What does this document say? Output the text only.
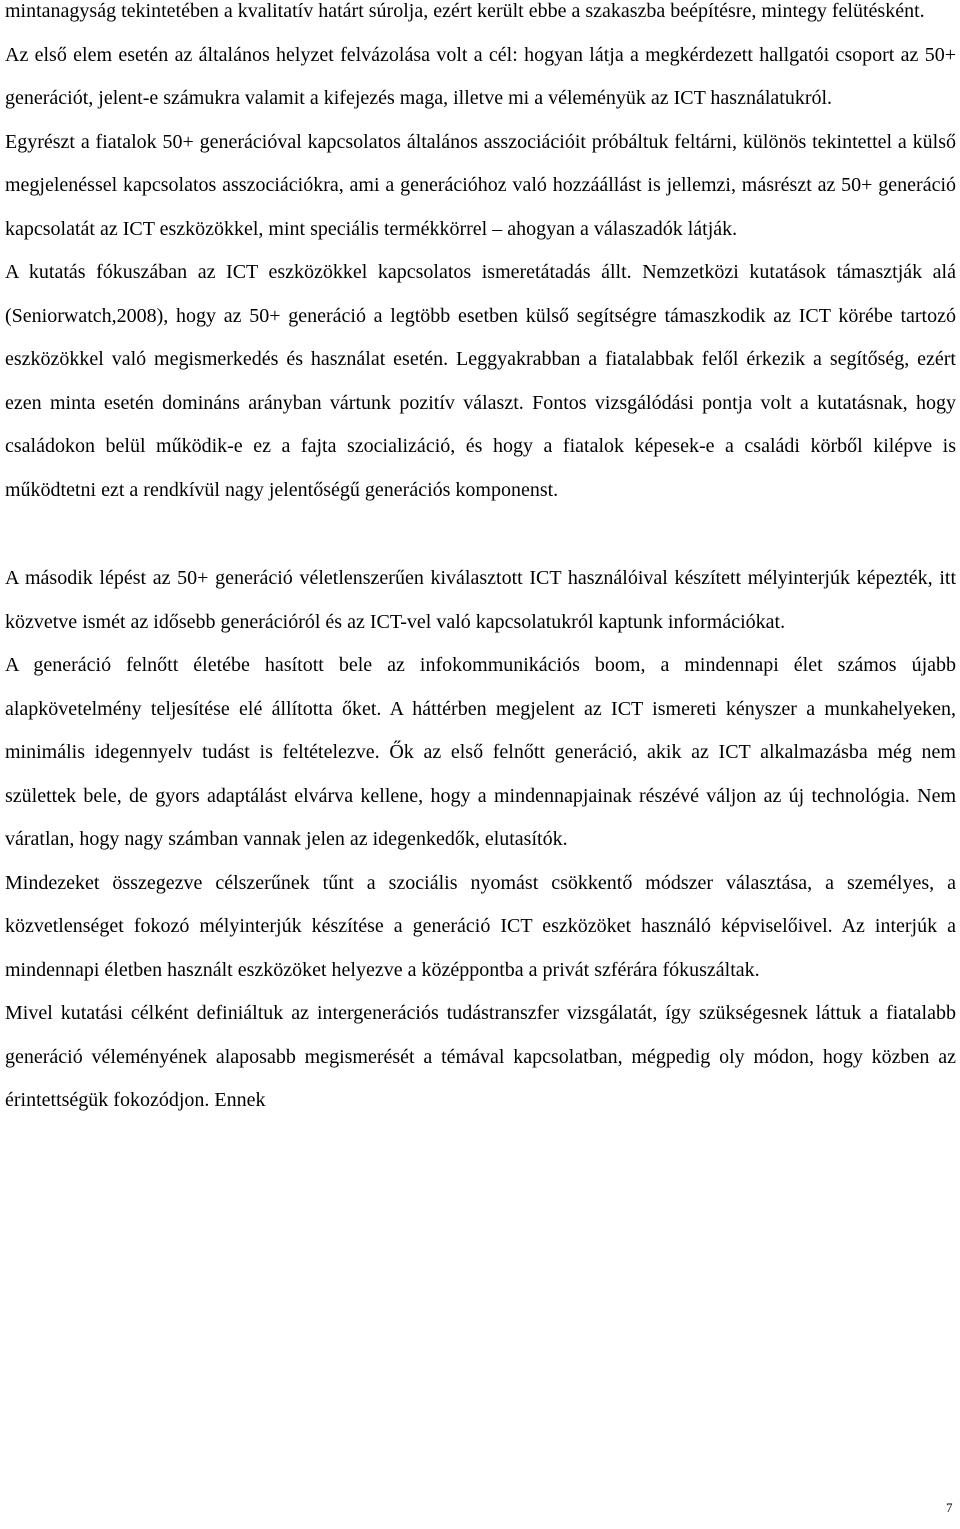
mintanagyság tekintetében a kvalitatív határt súrolja, ezért került ebbe a szakaszba beépítésre, mintegy felütésként.

Az első elem esetén az általános helyzet felvázolása volt a cél: hogyan látja a megkérdezett hallgatói csoport az 50+ generációt, jelent-e számukra valamit a kifejezés maga, illetve mi a véleményük az ICT használatukról.

Egyrészt a fiatalok 50+ generációval kapcsolatos általános asszociációit próbáltuk feltárni, különös tekintettel a külső megjelenéssel kapcsolatos asszociációkra, ami a generációhoz való hozzáállást is jellemzi, másrészt az 50+ generáció kapcsolatát az ICT eszközökkel, mint speciális termékkörrel – ahogyan a válaszadók látják.

A kutatás fókuszában az ICT eszközökkel kapcsolatos ismeretátadás állt. Nemzetközi kutatások támasztják alá (Seniorwatch,2008), hogy az 50+ generáció a legtöbb esetben külső segítségre támaszkodik az ICT körébe tartozó eszközökkel való megismerkedés és használat esetén. Leggyakrabban a fiatalabbak felől érkezik a segítőség, ezért ezen minta esetén domináns arányban vártunk pozitív választ. Fontos vizsgálódási pontja volt a kutatásnak, hogy családokon belül működik-e ez a fajta szocializáció, és hogy a fiatalok képesek-e a családi körből kilépve is működtetni ezt a rendkívül nagy jelentőségű generációs komponenst.

A második lépést az 50+ generáció véletlenszerűen kiválasztott ICT használóival készített mélyinterjúk képezték, itt közvetve ismét az idősebb generációról és az ICT-vel való kapcsolatukról kaptunk információkat.

A generáció felnőtt életébe hasított bele az infokommunikációs boom, a mindennapi élet számos újabb alapkövetelmény teljesítése elé állította őket. A háttérben megjelent az ICT ismereti kényszer a munkahelyeken, minimális idegennyelv tudást is feltételezve. Ők az első felnőtt generáció, akik az ICT alkalmazásba még nem születtek bele, de gyors adaptálást elvárva kellene, hogy a mindennapjainak részévé váljon az új technológia. Nem váratlan, hogy nagy számban vannak jelen az idegenkedők, elutasítók.

Mindezeket összegezve célszerűnek tűnt a szociális nyomást csökkentő módszer választása, a személyes, a közvetlenséget fokozó mélyinterjúk készítése a generáció ICT eszközöket használó képviselőivel. Az interjúk a mindennapi életben használt eszközöket helyezve a középpontba a privát szférára fókuszáltak.

Mivel kutatási célként definiáltuk az intergenerációs tudástranszfer vizsgálatát, így szükségesnek láttuk a fiatalabb generáció véleményének alaposabb megismerését a témával kapcsolatban, mégpedig oly módon, hogy közben az érintettségük fokozódjon. Ennek

7
